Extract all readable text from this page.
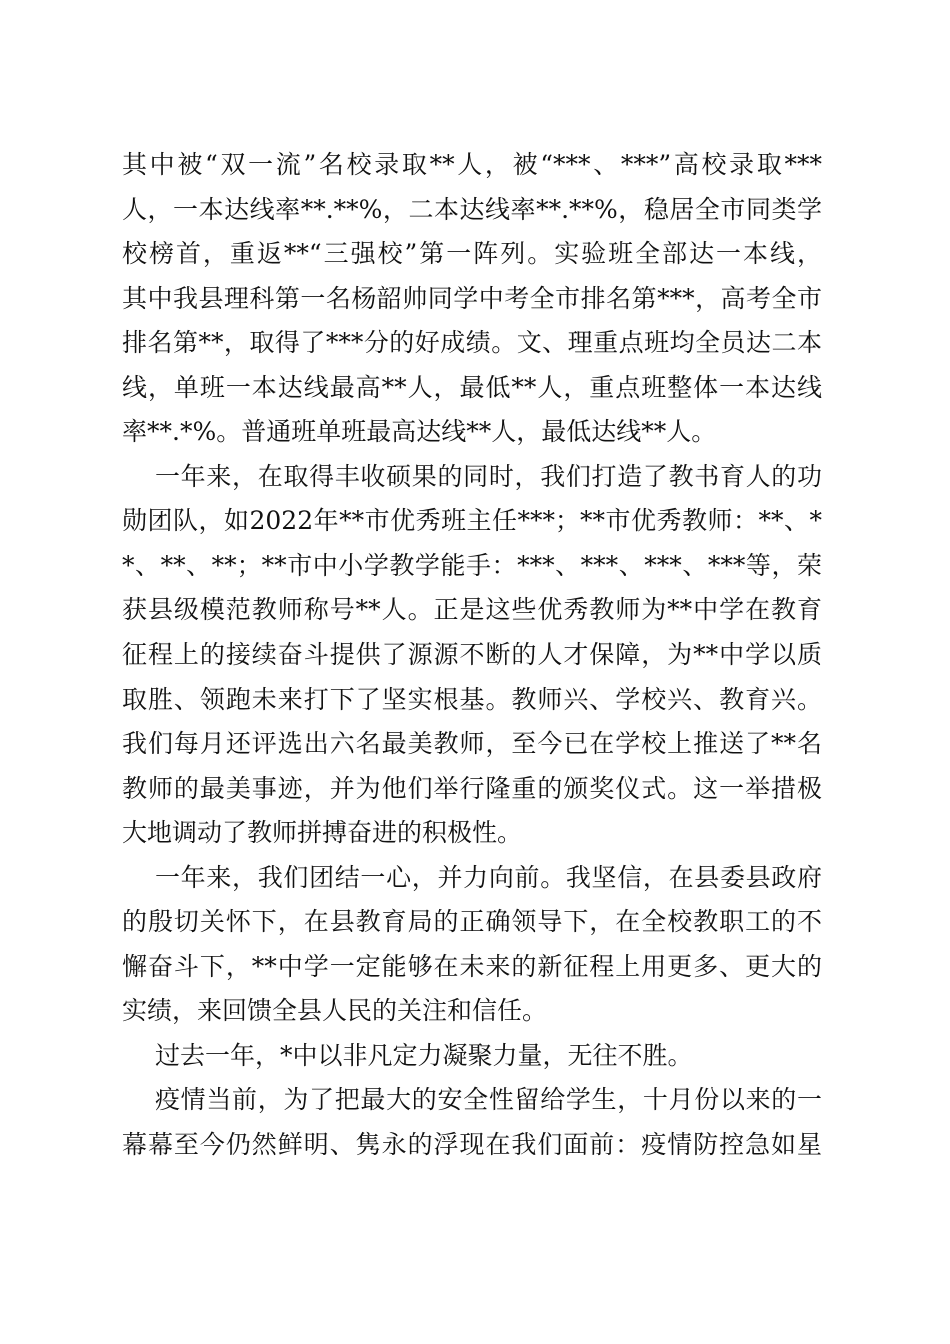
其中被“双一流”名校录取**人，被“***、***”高校录取***
人，一本达线率**.**%，二本达线率**.**%，稳居全市同类学
校榜首，重返**“三强校”第一阵列。实验班全部达一本线，
其中我县理科第一名杨韶帅同学中考全市排名第***，高考全市
排名第**，取得了***分的好成绩。文、理重点班均全员达二本
线，单班一本达线最高**人，最低**人，重点班整体一本达线
率**.*%。普通班单班最高达线**人，最低达线**人。
一年来，在取得丰收硕果的同时，我们打造了教书育人的功
勋团队，如2022年**市优秀班主任***；**市优秀教师：**、*
*、**、**；**市中小学教学能手：***、***、***、***等，荣
获县级模范教师称号**人。正是这些优秀教师为**中学在教育
征程上的接续奋斗提供了源源不断的人才保障，为**中学以质
取胜、领跑未来打下了坚实根基。教师兴、学校兴、教育兴。
我们每月还评选出六名最美教师，至今已在学校上推送了**名
教师的最美事迹，并为他们举行隆重的颁奖仪式。这一举措极
大地调动了教师拼搏奋进的积极性。
一年来，我们团结一心，并力向前。我坚信，在县委县政府
的殷切关怀下，在县教育局的正确领导下，在全校教职工的不
懈奋斗下，**中学一定能够在未来的新征程上用更多、更大的
实绩，来回馈全县人民的关注和信任。
过去一年，*中以非凡定力凝聚力量，无往不胜。
疫情当前，为了把最大的安全性留给学生，十月份以来的一
幕幕至今仍然鲜明、隽永的浮现在我们面前：疫情防控急如星
